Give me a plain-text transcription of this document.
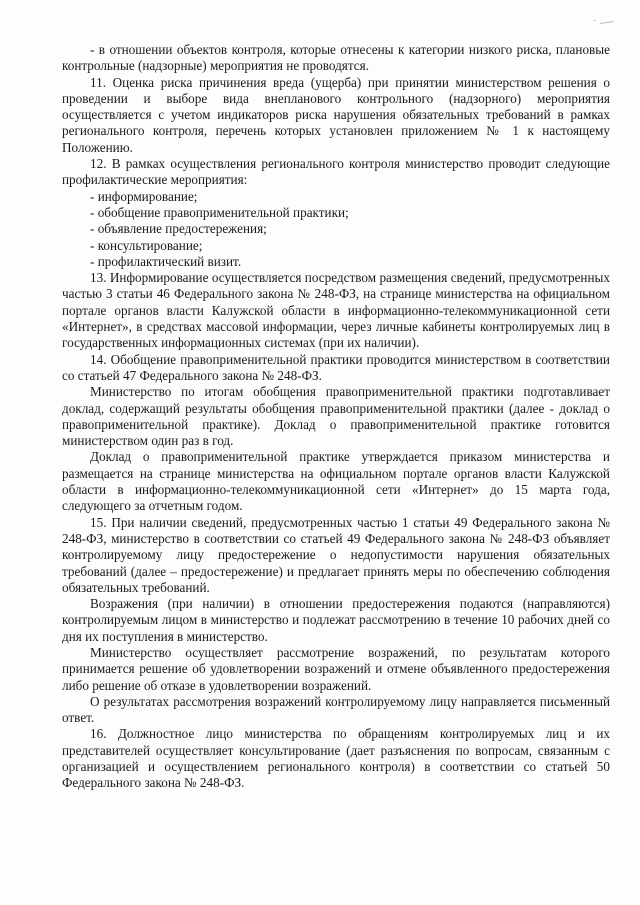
- в отношении объектов контроля, которые отнесены к категории низкого риска, плановые контрольные (надзорные) мероприятия не проводятся.

11. Оценка риска причинения вреда (ущерба) при принятии министерством решения о проведении и выборе вида внепланового контрольного (надзорного) мероприятия осуществляется с учетом индикаторов риска нарушения обязательных требований в рамках регионального контроля, перечень которых установлен приложением № 1 к настоящему Положению.

12. В рамках осуществления регионального контроля министерство проводит следующие профилактические мероприятия:

- информирование;

- обобщение правоприменительной практики;

- объявление предостережения;

- консультирование;

- профилактический визит.

13. Информирование осуществляется посредством размещения сведений, предусмотренных частью 3 статьи 46 Федерального закона № 248-ФЗ, на странице министерства на официальном портале органов власти Калужской области в информационно-телекоммуникационной сети «Интернет», в средствах массовой информации, через личные кабинеты контролируемых лиц в государственных информационных системах (при их наличии).

14. Обобщение правоприменительной практики проводится министерством в соответствии со статьей 47 Федерального закона № 248-ФЗ.

Министерство по итогам обобщения правоприменительной практики подготавливает доклад, содержащий результаты обобщения правоприменительной практики (далее - доклад о правоприменительной практике). Доклад о правоприменительной практике готовится министерством один раз в год.

Доклад о правоприменительной практике утверждается приказом министерства и размещается на странице министерства на официальном портале органов власти Калужской области в информационно-телекоммуникационной сети «Интернет» до 15 марта года, следующего за отчетным годом.

15. При наличии сведений, предусмотренных частью 1 статьи 49 Федерального закона № 248-ФЗ, министерство в соответствии со статьей 49 Федерального закона № 248-ФЗ объявляет контролируемому лицу предостережение о недопустимости нарушения обязательных требований (далее – предостережение) и предлагает принять меры по обеспечению соблюдения обязательных требований.

Возражения (при наличии) в отношении предостережения подаются (направляются) контролируемым лицом в министерство и подлежат рассмотрению в течение 10 рабочих дней со дня их поступления в министерство.

Министерство осуществляет рассмотрение возражений, по результатам которого принимается решение об удовлетворении возражений и отмене объявленного предостережения либо решение об отказе в удовлетворении возражений.

О результатах рассмотрения возражений контролируемому лицу направляется письменный ответ.

16. Должностное лицо министерства по обращениям контролируемых лиц и их представителей осуществляет консультирование (дает разъяснения по вопросам, связанным с организацией и осуществлением регионального контроля) в соответствии со статьей 50 Федерального закона № 248-ФЗ.
